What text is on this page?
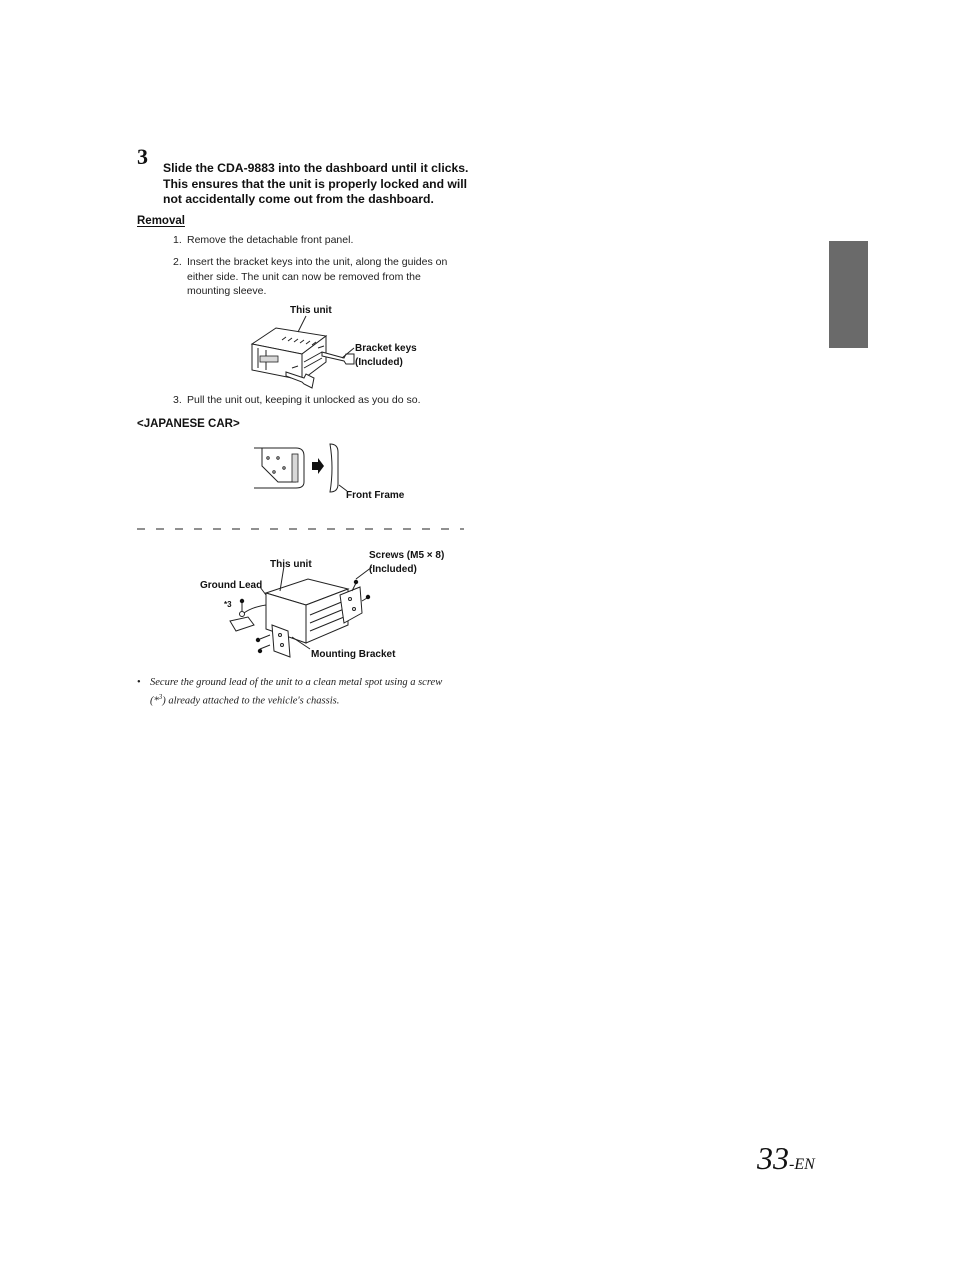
3 Slide the CDA-9883 into the dashboard until it clicks. This ensures that the unit is properly locked and will not accidentally come out from the dashboard.
Removal
1. Remove the detachable front panel.
2. Insert the bracket keys into the unit, along the guides on either side. The unit can now be removed from the mounting sleeve.
This unit
Bracket keys
(Included)
3. Pull the unit out, keeping it unlocked as you do so.
<JAPANESE CAR>
Front Frame
Screws (M5 × 8)
(Included)
This unit
Ground Lead
*3
Mounting Bracket
• Secure the ground lead of the unit to a clean metal spot using a screw (*$^3$) already attached to the vehicle's chassis.
33-EN
